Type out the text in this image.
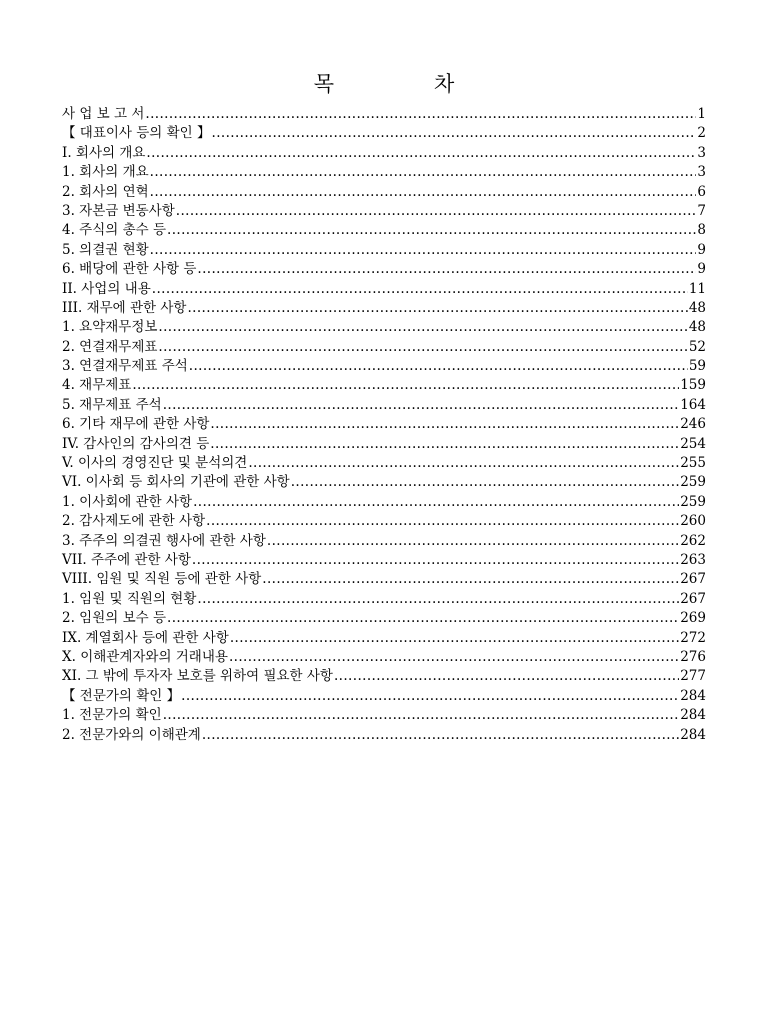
목	차
사 업 보 고 서 .....	1
【 대표이사 등의 확인 】 .....	2
I. 회사의 개요 .....	3
1. 회사의 개요 .....	3
2. 회사의 연혁 .....	6
3. 자본금 변동사항 .....	7
4. 주식의 총수 등 .....	8
5. 의결권 현황 .....	9
6. 배당에 관한 사항 등 .....	9
II. 사업의 내용 .....	11
III. 재무에 관한 사항 .....	48
1. 요약재무정보 .....	48
2. 연결재무제표 .....	52
3. 연결재무제표 주석 .....	59
4. 재무제표 .....	159
5. 재무제표 주석 .....	164
6. 기타 재무에 관한 사항 .....	246
IV. 감사인의 감사의견 등 .....	254
V. 이사의 경영진단 및 분석의견 .....	255
VI. 이사회 등 회사의 기관에 관한 사항 .....	259
1. 이사회에 관한 사항 .....	259
2. 감사제도에 관한 사항 .....	260
3. 주주의 의결권 행사에 관한 사항 .....	262
VII. 주주에 관한 사항 .....	263
VIII. 임원 및 직원 등에 관한 사항 .....	267
1. 임원 및 직원의 현황 .....	267
2. 임원의 보수 등 .....	269
IX. 계열회사 등에 관한 사항 .....	272
X. 이해관계자와의 거래내용 .....	276
XI. 그 밖에 투자자 보호를 위하여 필요한 사항 .....	277
【 전문가의 확인 】 .....	284
1. 전문가의 확인 .....	284
2. 전문가와의 이해관계 .....	284
